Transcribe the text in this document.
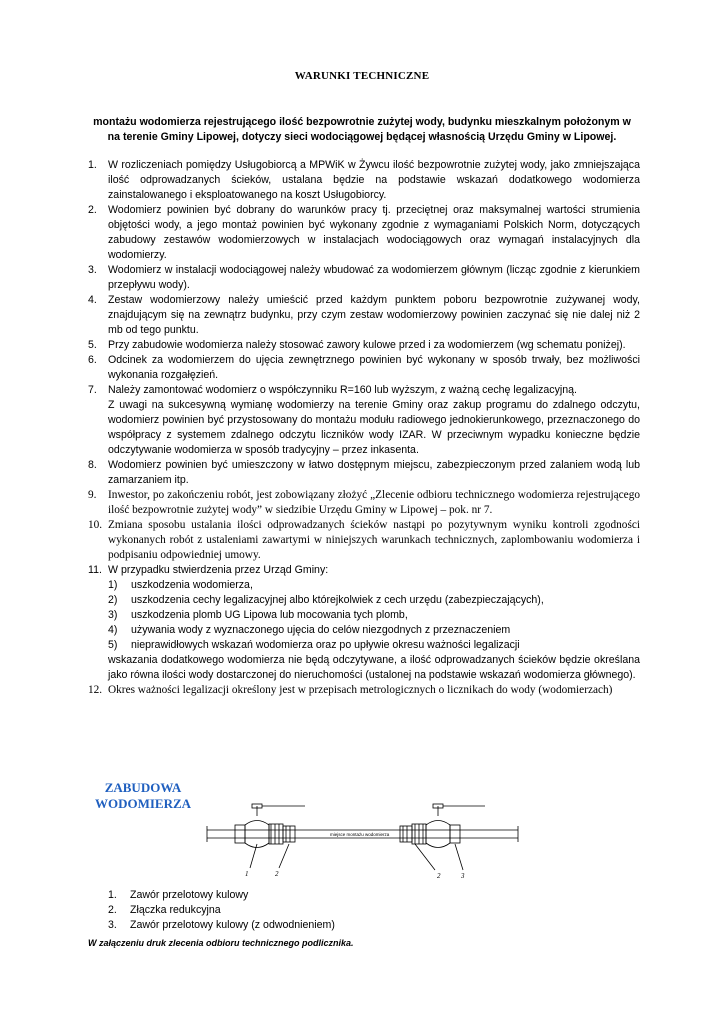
WARUNKI TECHNICZNE
montażu wodomierza rejestrującego ilość bezpowrotnie zużytej wody, budynku mieszkalnym położonym w na terenie Gminy Lipowej, dotyczy sieci wodociągowej będącej własnością Urzędu Gminy w Lipowej.
1. W rozliczeniach pomiędzy Usługobiorcą a MPWiK w Żywcu ilość bezpowrotnie zużytej wody, jako zmniejszająca ilość odprowadzanych ścieków, ustalana będzie na podstawie wskazań dodatkowego wodomierza zainstalowanego i eksploatowanego na koszt Usługobiorcy.

2. Wodomierz powinien być dobrany do warunków pracy tj. przeciętnej oraz maksymalnej wartości strumienia objętości wody, a jego montaż powinien być wykonany zgodnie z wymaganiami Polskich Norm, dotyczących zabudowy zestawów wodomierzowych w instalacjach wodociągowych oraz wymagań instalacyjnych dla wodomierzy.

3. Wodomierz w instalacji wodociągowej należy wbudować za wodomierzem głównym (licząc zgodnie z kierunkiem przepływu wody).

4. Zestaw wodomierzowy należy umieścić przed każdym punktem poboru bezpowrotnie zużywanej wody, znajdującym się na zewnątrz budynku, przy czym zestaw wodomierzowy powinien zaczynać się nie dalej niż 2 mb od tego punktu.

5. Przy zabudowie wodomierza należy stosować zawory kulowe przed i za wodomierzem (wg schematu poniżej).

6. Odcinek za wodomierzem do ujęcia zewnętrznego powinien być wykonany w sposób trwały, bez możliwości wykonania rozgałęzień.

7. Należy zamontować wodomierz o współczynniku R=160 lub wyższym, z ważną cechę legalizacyjną.

Z uwagi na sukcesywną wymianę wodomierzy na terenie Gminy oraz zakup programu do zdalnego odczytu, wodomierz powinien być przystosowany do montażu modułu radiowego jednokierunkowego, przeznaczonego do współpracy z systemem zdalnego odczytu liczników wody IZAR. W przeciwnym wypadku konieczne będzie odczytywanie wodomierza w sposób tradycyjny – przez inkasenta.

8. Wodomierz powinien być umieszczony w łatwo dostępnym miejscu, zabezpieczonym przed zalaniem wodą lub zamarzaniem itp.

9. Inwestor, po zakończeniu robót, jest zobowiązany złożyć „Zlecenie odbioru technicznego wodomierza rejestrującego ilość bezpowrotnie zużytej wody” w siedzibie Urzędu Gminy w Lipowej – pok. nr 7.

10. Zmiana sposobu ustalania ilości odprowadzanych ścieków nastąpi po pozytywnym wyniku kontroli zgodności wykonanych robót z ustaleniami zawartymi w niniejszych warunkach technicznych, zaplombowaniu wodomierza i podpisaniu odpowiedniej umowy.

11. W przypadku stwierdzenia przez Urząd Gminy:

1) uszkodzenia wodomierza,
2) uszkodzenia cechy legalizacyjnej albo którejkolwiek z cech urzędu (zabezpieczających),
3) uszkodzenia plomb UG Lipowa lub mocowania tych plomb,
4) używania wody z wyznaczonego ujęcia do celów niezgodnych z przeznaczeniem
5) nieprawidłowych wskazań wodomierza oraz po upływie okresu ważności legalizacji

wskazania dodatkowego wodomierza nie będą odczytywane, a ilość odprowadzanych ścieków będzie określana jako równa ilości wody dostarczonej do nieruchomości (ustalonej na podstawie wskazań wodomierza głównego).

12. Okres ważności legalizacji określony jest w przepisach metrologicznych o licznikach do wody (wodomierzach)

ZABUDOWA
WODOMIERZA
miejsce montażu wodomierza
1	2	2	3
1. Zawór przelotowy kulowy
2. Złączka redukcyjna
3. Zawór przelotowy kulowy (z odwodnieniem)
W załączeniu druk zlecenia odbioru technicznego podlicznika.
